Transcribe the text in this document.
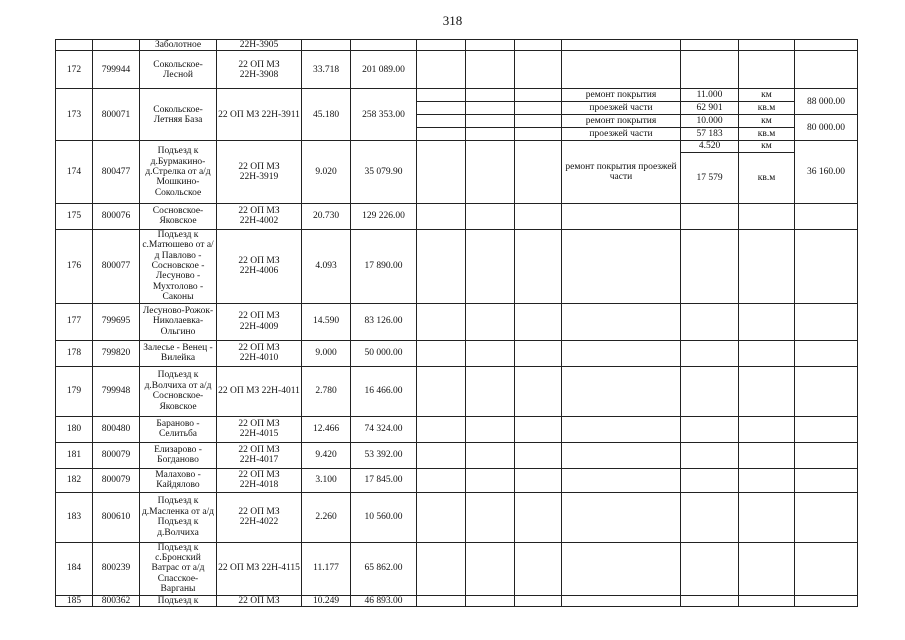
318
		Заболотное	22Н-3905									
172	799944	Сокольское-Лесной	22 ОП МЗ 22Н-3908	33.718	201 089.00							
173	800071	Сокольское-Летняя База	22 ОП МЗ 22Н-3911	45.180	258 353.00				ремонт покрытия	11.000	км	88 000.00
									проезжей части	62 901	кв.м	
									ремонт покрытия	10.000	км	80 000.00
									проезжей части	57 183	кв.м	
174	800477	Подъезд к д.Бурмакино-д.Стрелка от а/д Мошкино-Сокольское	22 ОП МЗ 22Н-3919	9.020	35 079.90				ремонт покрытия проезжей части	4.520	км	36 160.00
										17 579	кв.м	
175	800076	Сосновское-Яковское	22 ОП МЗ 22Н-4002	20.730	129 226.00							
176	800077	Подъезд к с.Матюшево от а/д Павлово - Сосновское - Лесуново - Мухтолово - Саконы	22 ОП МЗ 22Н-4006	4.093	17 890.00							
177	799695	Лесуново-Рожок-Николаевка-Ольгино	22 ОП МЗ 22Н-4009	14.590	83 126.00							
178	799820	Залесье - Венец - Вилейка	22 ОП МЗ 22Н-4010	9.000	50 000.00							
179	799948	Подъезд к д.Волчиха от а/д Сосновское-Яковское	22 ОП МЗ 22Н-4011	2.780	16 466.00							
180	800480	Бараново - Селитьба	22 ОП МЗ 22Н-4015	12.466	74 324.00							
181	800079	Елизарово - Богданово	22 ОП МЗ 22Н-4017	9.420	53 392.00							
182	800079	Малахово - Кайдялово	22 ОП МЗ 22Н-4018	3.100	17 845.00							
183	800610	Подъезд к д.Масленка от а/д Подъезд к д.Волчиха	22 ОП МЗ 22Н-4022	2.260	10 560.00							
184	800239	Подъезд к с.Бронский Ватрас от а/д Спасское-Варганы	22 ОП МЗ 22Н-4115	11.177	65 862.00							
185	800362	Подъезд к	22 ОП МЗ	10.249	46 893.00							
